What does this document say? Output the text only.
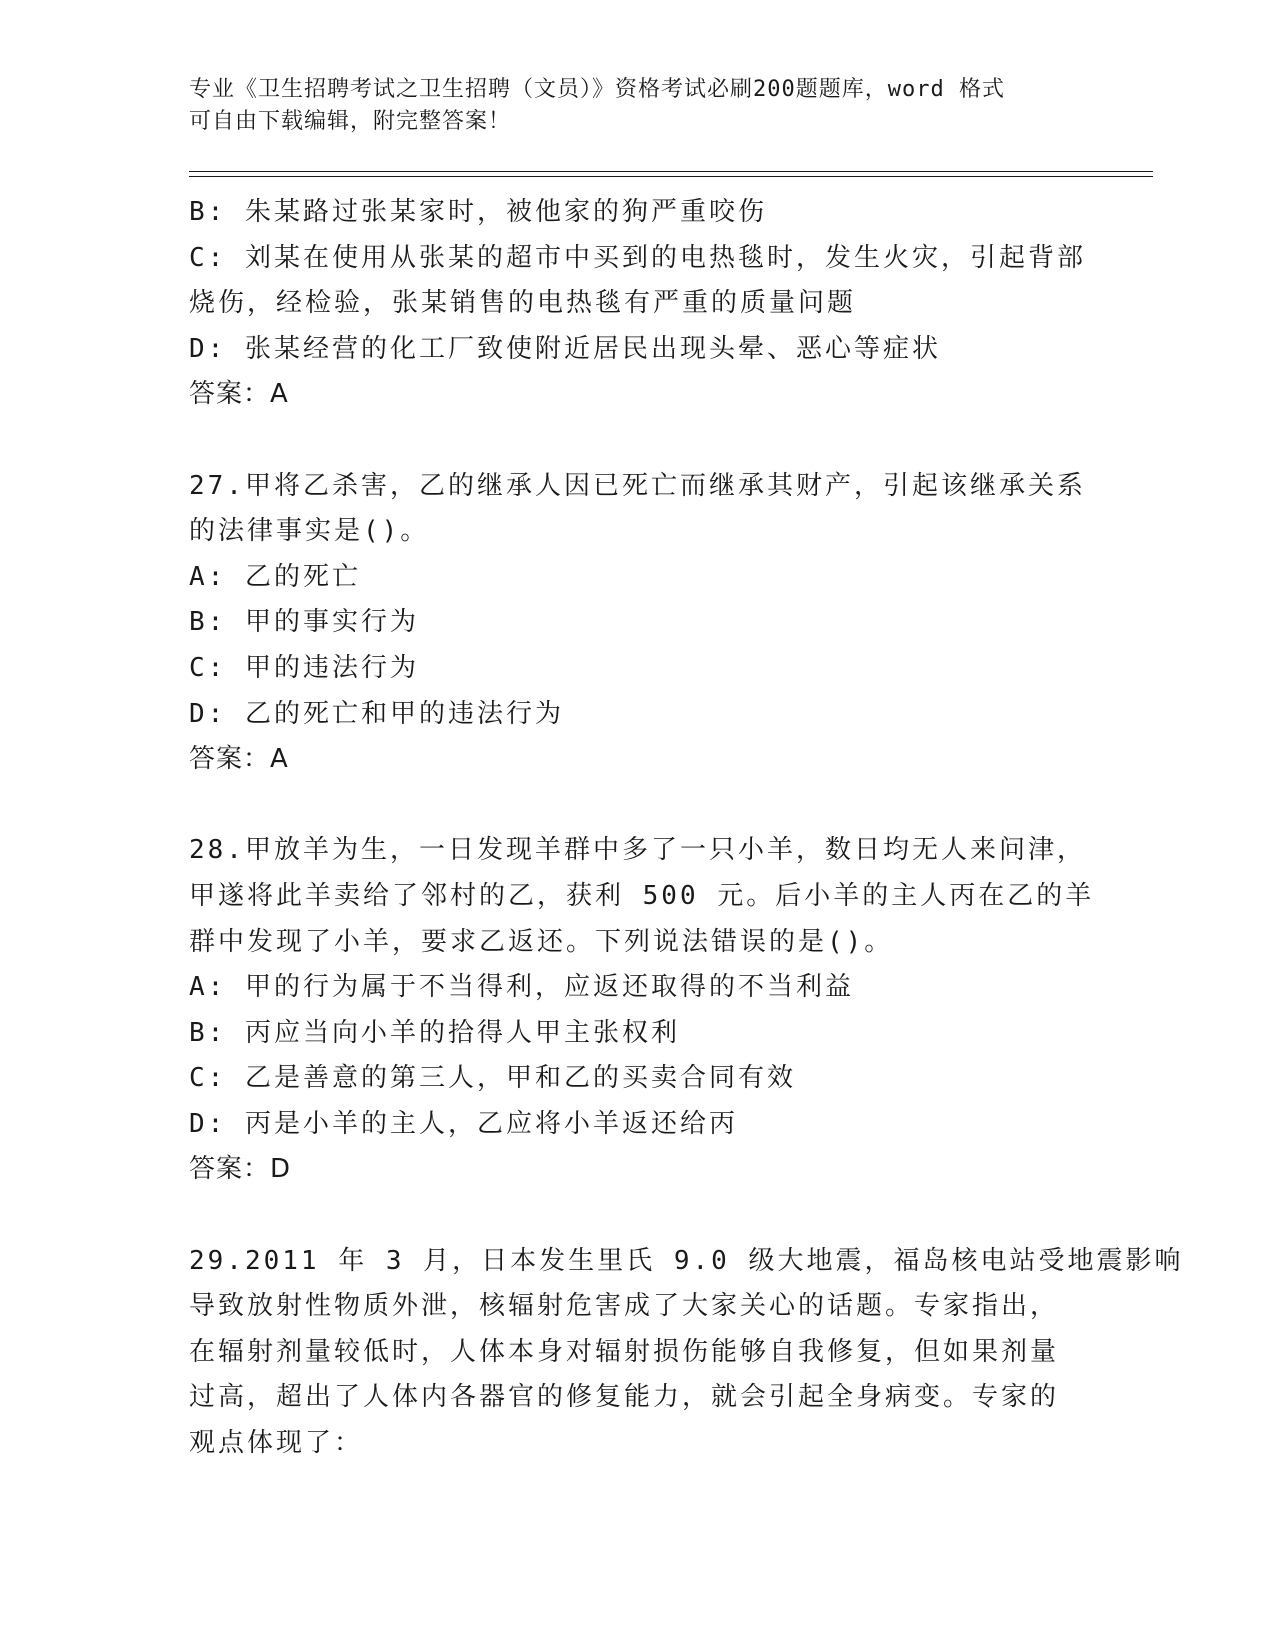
专业《卫生招聘考试之卫生招聘（文员）》资格考试必刷200题题库，word 格式
可自由下载编辑，附完整答案！
B: 朱某路过张某家时，被他家的狗严重咬伤
C: 刘某在使用从张某的超市中买到的电热毯时，发生火灾，引起背部
烧伤，经检验，张某销售的电热毯有严重的质量问题
D: 张某经营的化工厂致使附近居民出现头晕、恶心等症状
答案：A
27.甲将乙杀害，乙的继承人因已死亡而继承其财产，引起该继承关系
的法律事实是()。
A: 乙的死亡
B: 甲的事实行为
C: 甲的违法行为
D: 乙的死亡和甲的违法行为
答案：A
28.甲放羊为生，一日发现羊群中多了一只小羊，数日均无人来问津，
甲遂将此羊卖给了邻村的乙，获利 500 元。后小羊的主人丙在乙的羊
群中发现了小羊，要求乙返还。下列说法错误的是()。
A: 甲的行为属于不当得利，应返还取得的不当利益
B: 丙应当向小羊的拾得人甲主张权利
C: 乙是善意的第三人，甲和乙的买卖合同有效
D: 丙是小羊的主人，乙应将小羊返还给丙
答案：D
29.2011 年 3 月，日本发生里氏 9.0 级大地震，福岛核电站受地震影响
导致放射性物质外泄，核辐射危害成了大家关心的话题。专家指出，
在辐射剂量较低时，人体本身对辐射损伤能够自我修复，但如果剂量
过高，超出了人体内各器官的修复能力，就会引起全身病变。专家的
观点体现了：
